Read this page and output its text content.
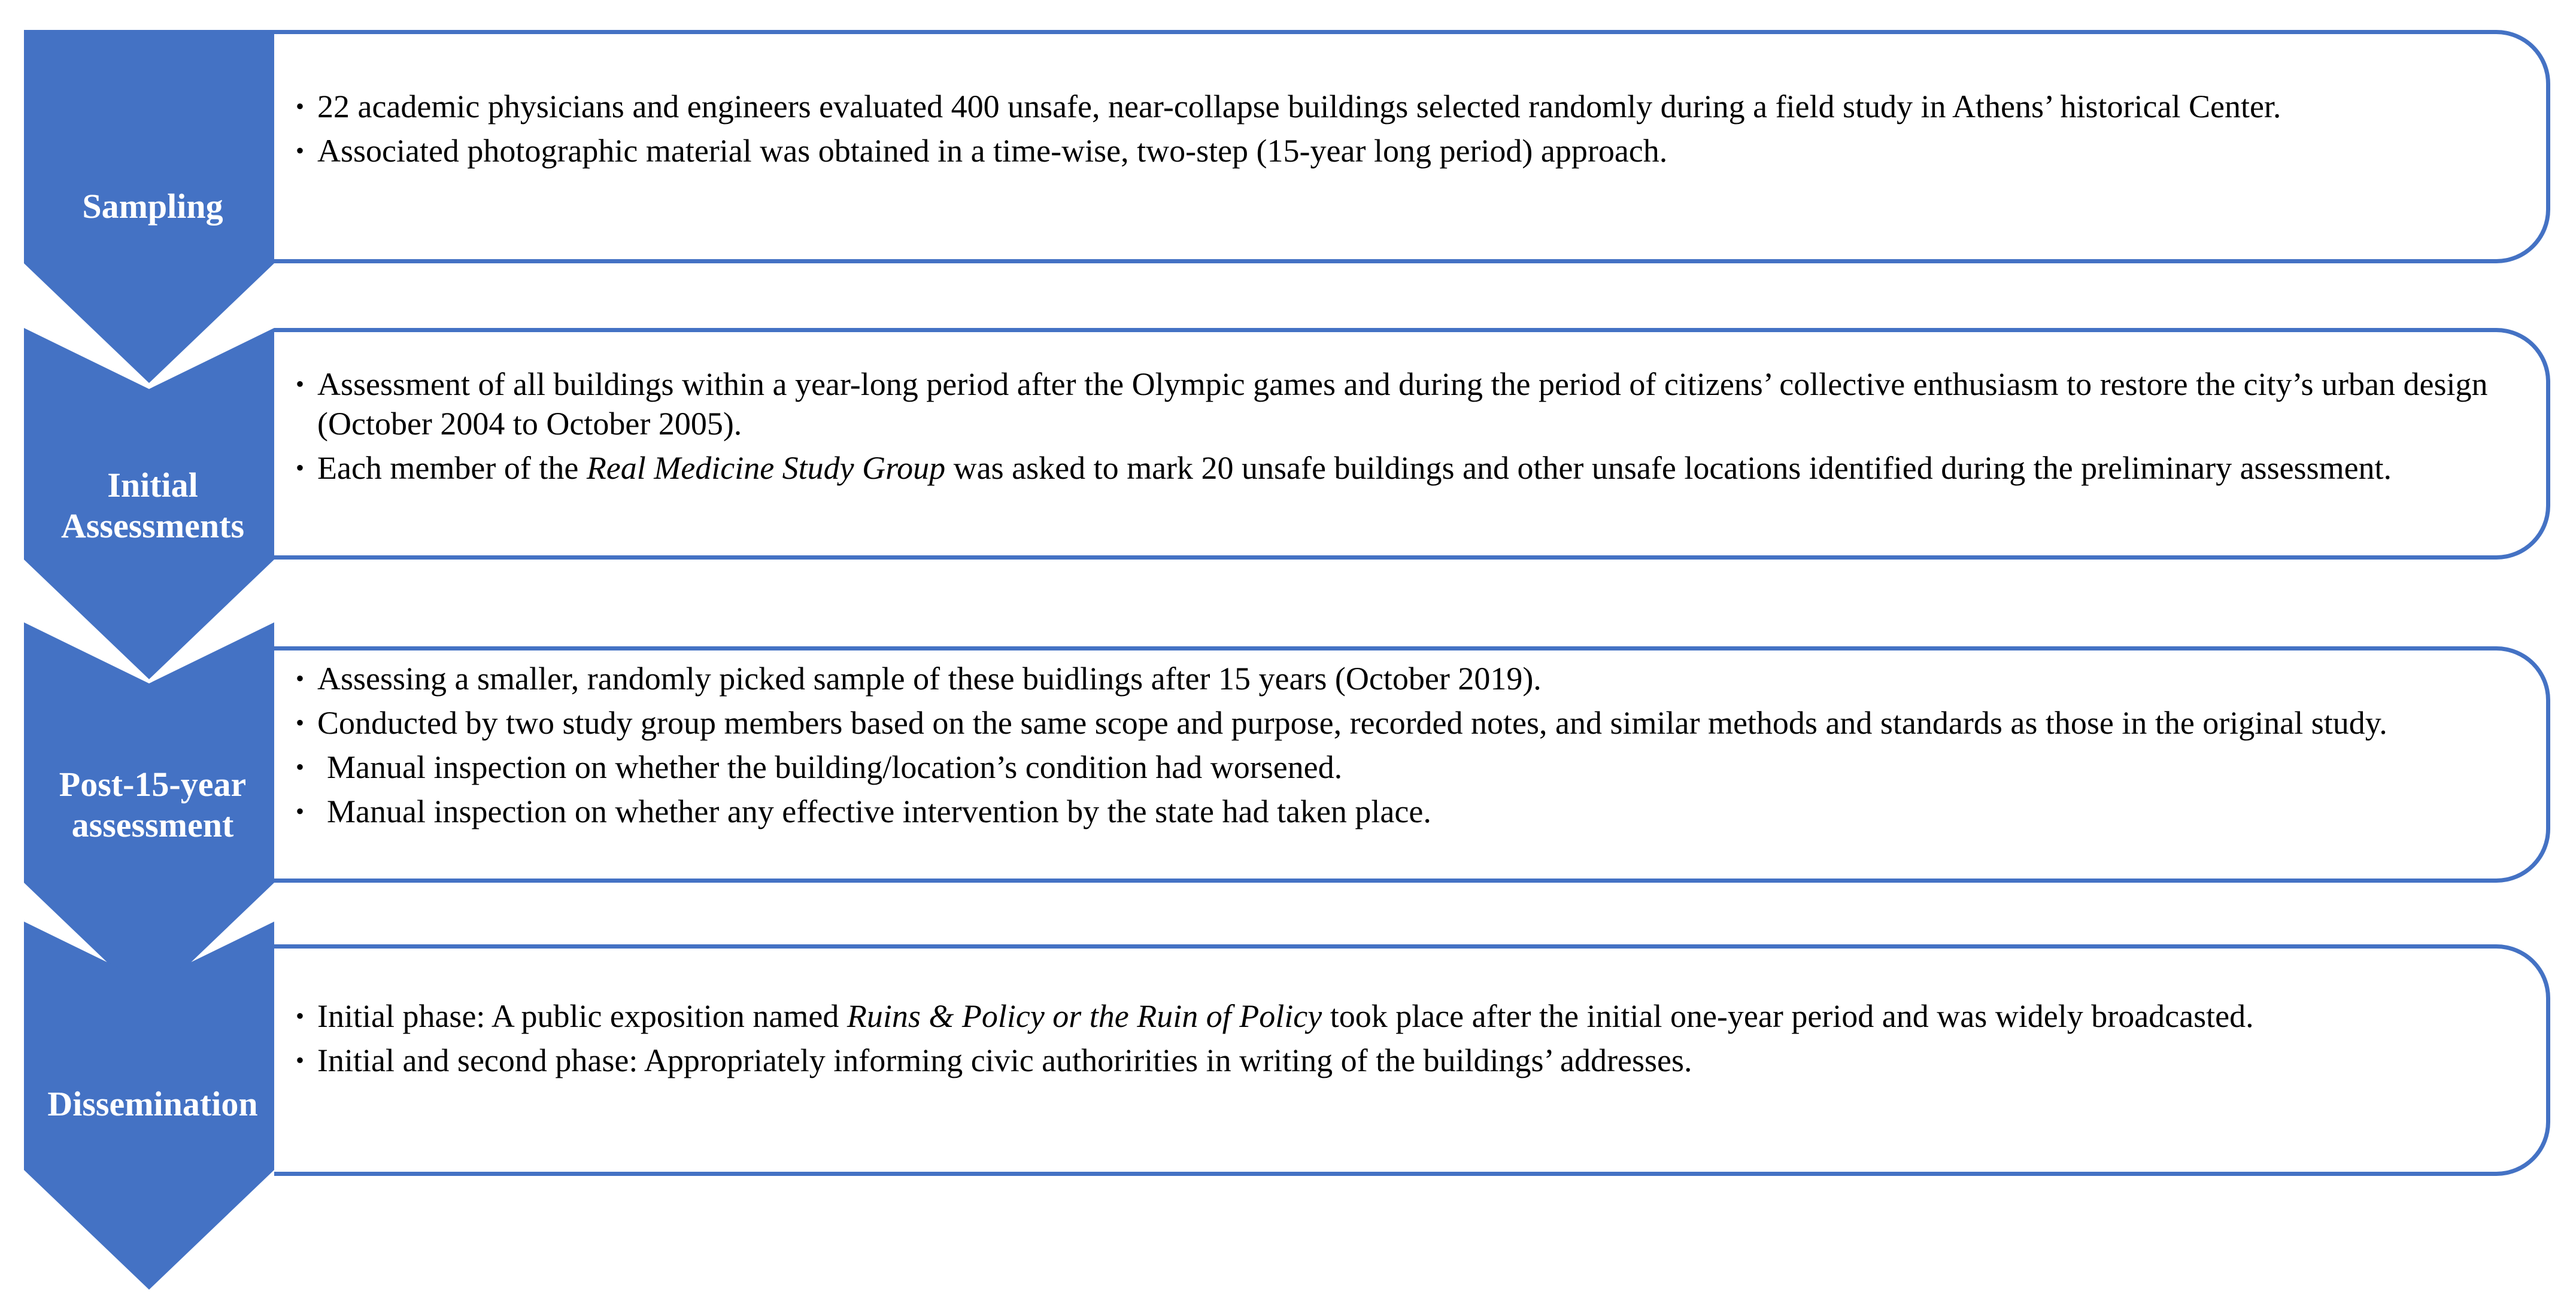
• 22 academic physicians and engineers evaluated 400 unsafe, near-collapse buildings selected randomly during a field study in Athens’ historical Center.
• Associated photographic material was obtained in a time-wise, two-step (15-year long period) approach.
Sampling
• Assessment of all buildings within a year-long period after the Olympic games and during the period of citizens’ collective enthusiasm to restore the city’s urban design (October 2004 to October 2005).
• Each member of the Real Medicine Study Group was asked to mark 20 unsafe buildings and other unsafe locations identified during the preliminary assessment.
Initial Assessments
• Assessing a smaller, randomly picked sample of these buidlings after 15 years (October 2019).
• Conducted by two study group members based on the same scope and purpose, recorded notes, and similar methods and standards as those in the original study.
• Manual inspection on whether the building/location’s condition had worsened.
• Manual inspection on whether any effective intervention by the state had taken place.
Post-15-year assessment
• Initial phase: A public exposition named Ruins & Policy or the Ruin of Policy took place after the initial one-year period and was widely broadcasted.
• Initial and second phase: Appropriately informing civic authoririties in writing of the buildings’ addresses.
Dissemination
